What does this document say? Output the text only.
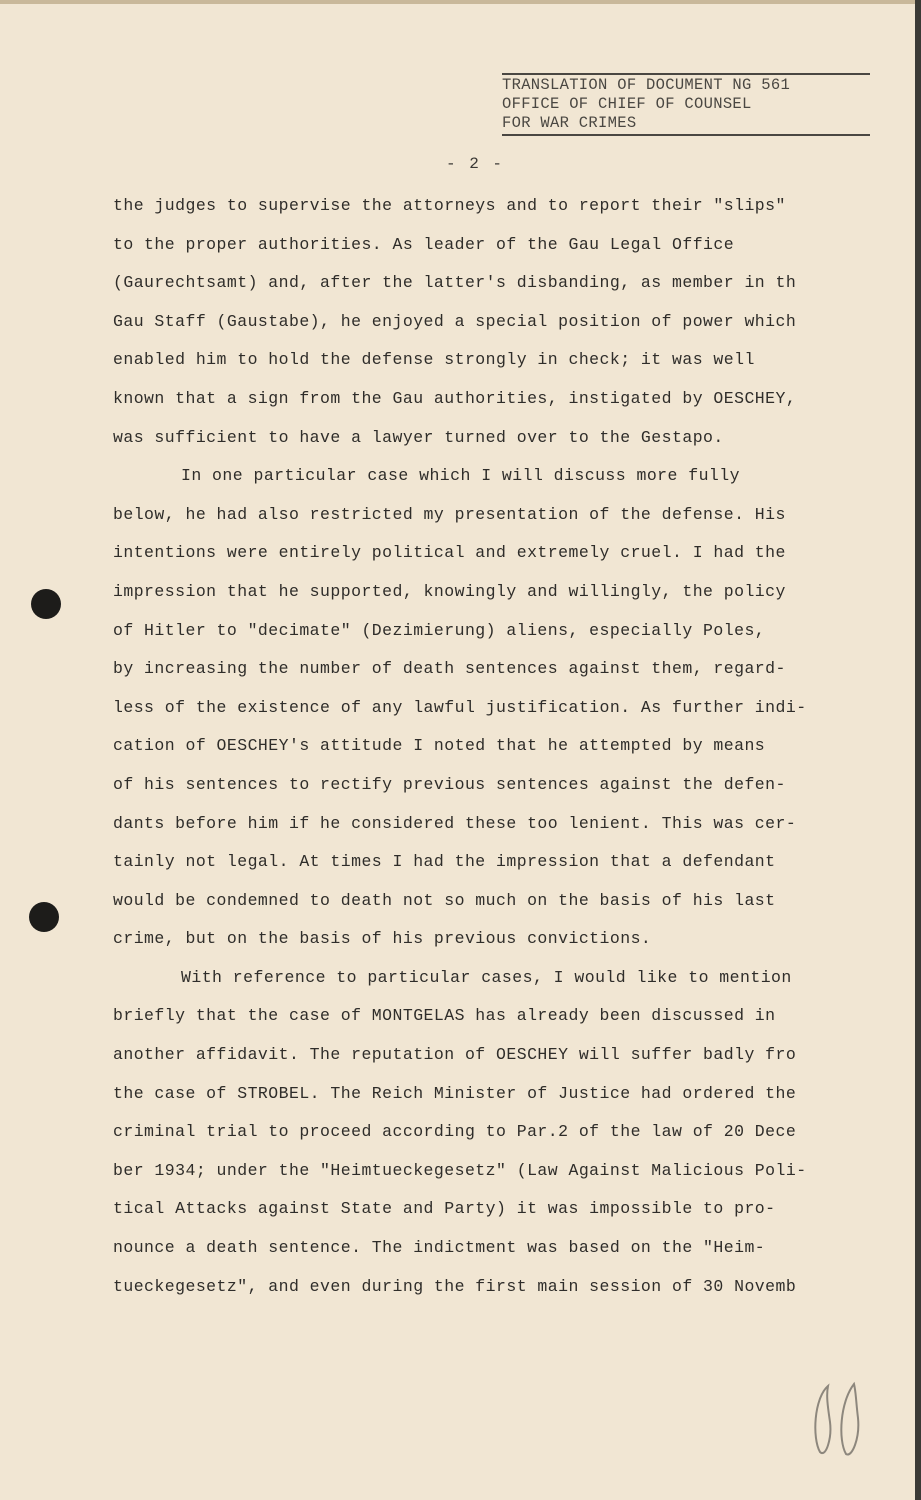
TRANSLATION OF DOCUMENT NG 561
OFFICE OF CHIEF OF COUNSEL
FOR WAR CRIMES
- 2 -
the judges to supervise the attorneys and to report their "slips"
to the proper authorities. As leader of the Gau Legal Office
(Gaurechtsamt) and, after the latter's disbanding, as member in th
Gau Staff (Gaustabe), he enjoyed a special position of power which
enabled him to hold the defense strongly in check; it was well
known that a sign from the Gau authorities, instigated by OESCHEY,
was sufficient to have a lawyer turned over to the Gestapo.
In one particular case which I will discuss more fully
below, he had also restricted my presentation of the defense. His
intentions were entirely political and extremely cruel. I had the
impression that he supported, knowingly and willingly, the policy
of Hitler to "decimate" (Dezimierung) aliens, especially Poles,
by increasing the number of death sentences against them, regard-
less of the existence of any lawful justification. As further indi-
cation of OESCHEY's attitude I noted that he attempted by means
of his sentences to rectify previous sentences against the defen-
dants before him if he considered these too lenient. This was cer-
tainly not legal. At times I had the impression that a defendant
would be condemned to death not so much on the basis of his last
crime, but on the basis of his previous convictions.
With reference to particular cases, I would like to mention
briefly that the case of MONTGELAS has already been discussed in
another affidavit. The reputation of OESCHEY will suffer badly fro
the case of STROBEL. The Reich Minister of Justice had ordered the
criminal trial to proceed according to Par.2 of the law of 20 Dece
ber 1934; under the "Heimtueckegesetz" (Law Against Malicious Poli-
tical Attacks against State and Party) it was impossible to pro-
nounce a death sentence. The indictment was based on the "Heim-
tueckegesetz", and even during the first main session of 30 Novemb
